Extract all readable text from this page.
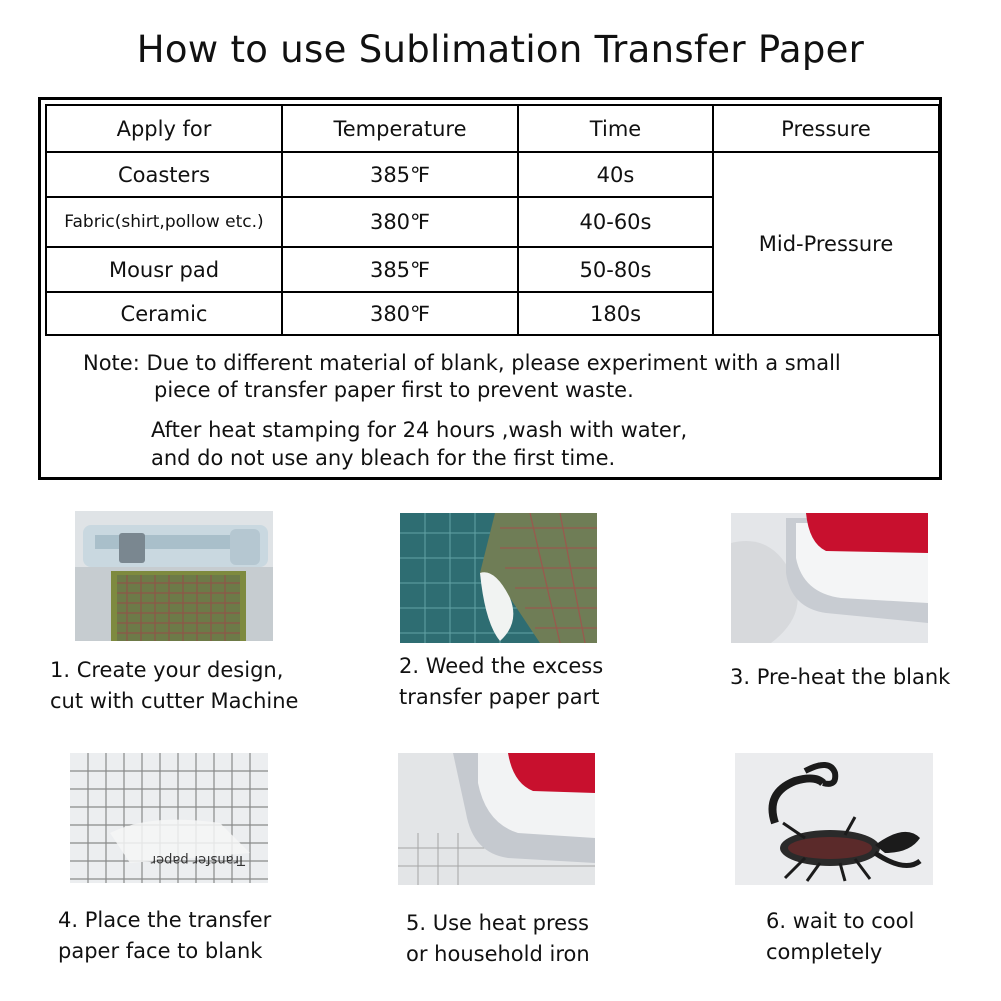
How to use Sublimation Transfer Paper
Apply for	Temperature	Time	Pressure
Coasters	385℉	40s	Mid-Pressure
Fabric(shirt,pollow etc.)	380℉	40-60s	
Mousr pad	385℉	50-80s	
Ceramic	380℉	180s	
Note: Due to different material of blank, please experiment with a small
piece of transfer paper first to prevent waste.
After heat stamping for 24 hours ,wash with water,
and do not use any bleach for the first time.
1. Create your design,
cut with cutter Machine
2. Weed the excess
transfer paper part
3. Pre-heat the blank
Transfer paper
4. Place the transfer
paper face to blank
5. Use heat press
or household iron
6. wait to cool
completely
